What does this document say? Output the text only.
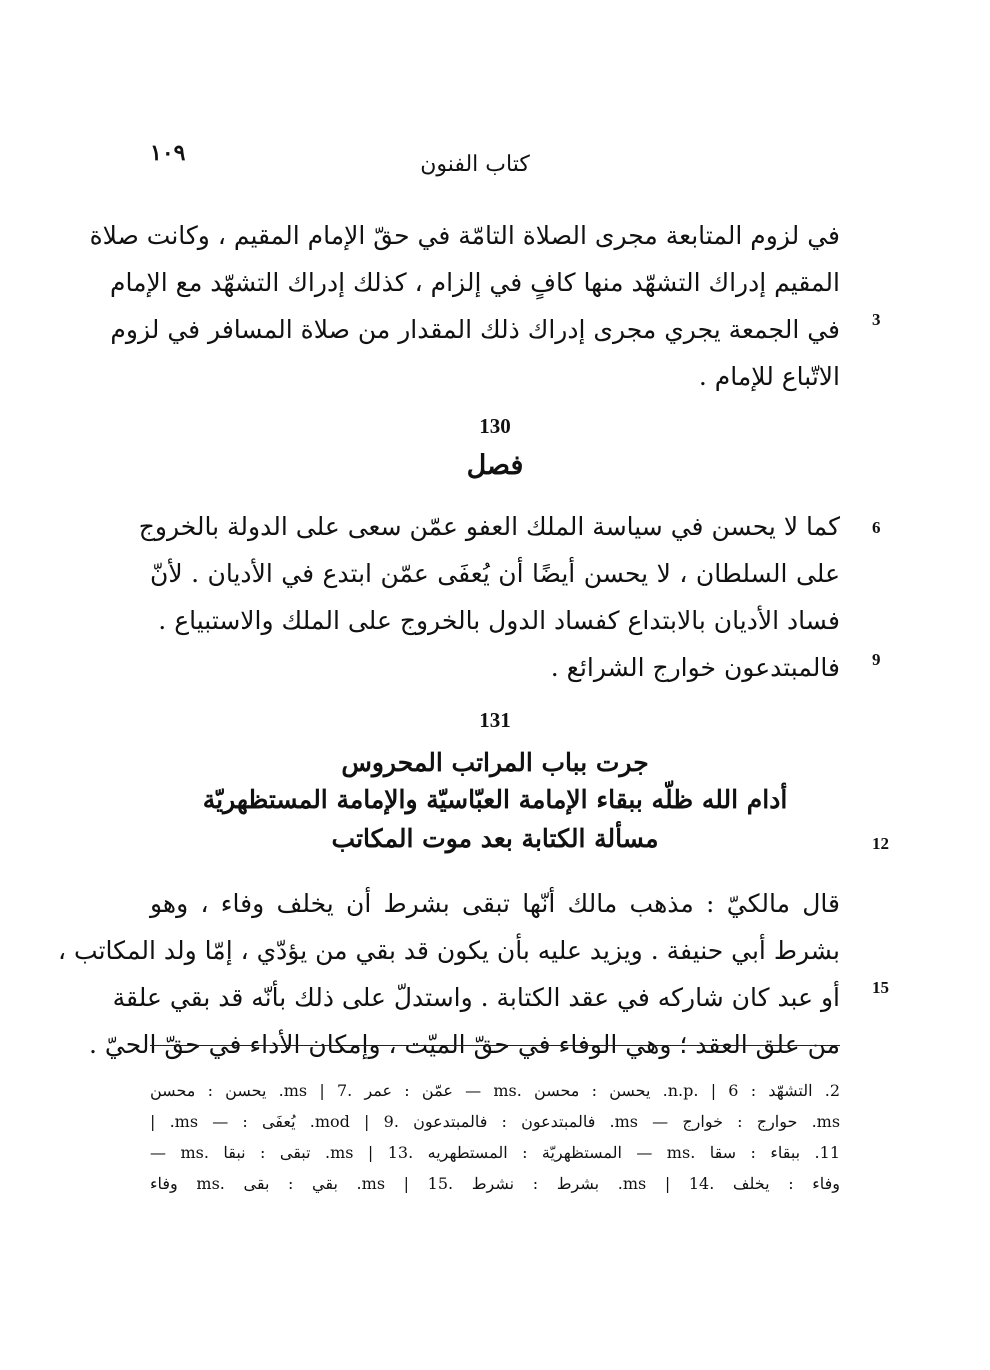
١٠٩	كتاب الفنون
في لزوم المتابعة مجرى الصلاة التامّة في حقّ الإمام المقيم ، وكانت صلاة
المقيم إدراك التشهّد منها كافٍ في إلزام ، كذلك إدراك التشهّد مع الإمام
في الجمعة يجري مجرى إدراك ذلك المقدار من صلاة المسافر في لزوم
الاتّباع للإمام .
3
130
فصل
كما لا يحسن في سياسة الملك العفو عمّن سعى على الدولة بالخروج
على السلطان ، لا يحسن أيضًا أن يُعفَى عمّن ابتدع في الأديان . لأنّ
فساد الأديان بالابتداع كفساد الدول بالخروج على الملك والاستبياع .
فالمبتدعون خوارج الشرائع .
6
9
131
جرت بباب المراتب المحروس
أدام الله ظلّه ببقاء الإمامة العبّاسيّة والإمامة المستظهريّة
مسألة الكتابة بعد موت المكاتب	12
قال مالكيّ : مذهب مالك أنّها تبقى بشرط أن يخلف وفاء ، وهو
بشرط أبي حنيفة . ويزيد عليه بأن يكون قد بقي من يؤدّي ، إمّا ولد المكاتب ،
أو عبد كان شاركه في عقد الكتابة . واستدلّ على ذلك بأنّه قد بقي علقة
من علق العقد ؛ وهي الوفاء في حقّ الميّت ، وإمكان الأداء في حقّ الحيّ .
15
2. التشهّد : n.p. | 6. يحسن : محسن .ms — عمّن : عمر .ms | 7. يحسن : محسن
ms. حوارج : خوارج — ms. فالمبتدعون : فالمبتدعون .9 | mod. يُعفَى : — ms. |
11. ببقاء : سقا .ms — المستظهريّة : المستطهريه .ms | 13. تبقى : نبقا .ms —
وفاء : يخلف .ms | 14. بشرط : نشرط .ms | 15. بقي : بقى .ms وفاء
